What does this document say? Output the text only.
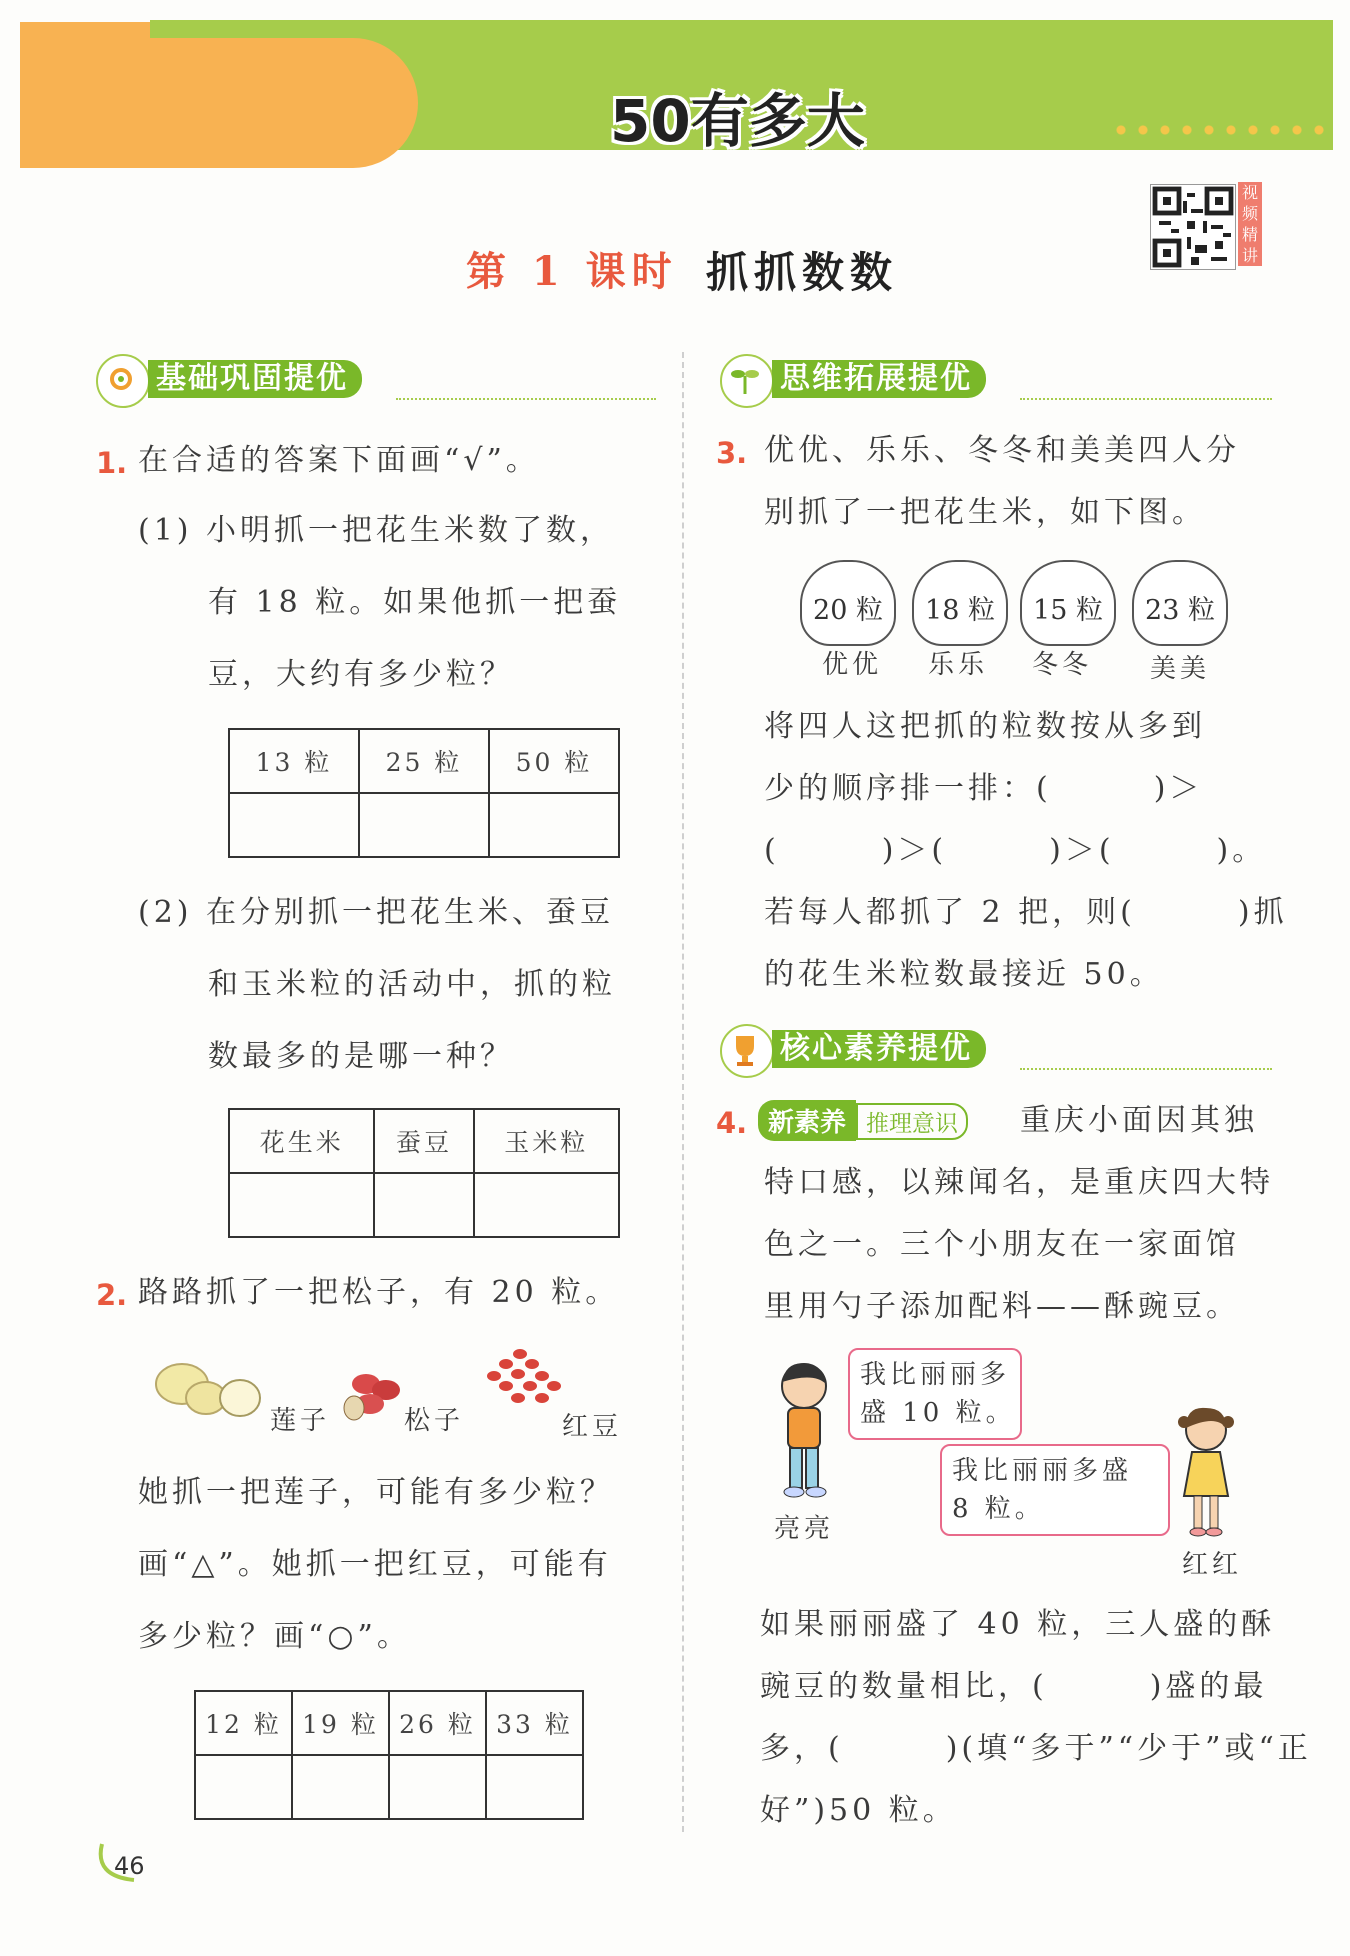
50有多大
视频精讲
第 1 课时 抓抓数数
基础巩固提优
1. 在合适的答案下面画“√”。
(1) 小明抓一把花生米数了数，
有 18 粒。如果他抓一把蚕
豆，大约有多少粒？
13 粒	25 粒	50 粒

(2) 在分别抓一把花生米、蚕豆
和玉米粒的活动中，抓的粒
数最多的是哪一种？
花生米	蚕豆	玉米粒

2. 路路抓了一把松子，有 20 粒。
莲子	松子	红豆
她抓一把莲子，可能有多少粒？
画“△”。她抓一把红豆，可能有
多少粒？画“○”。
12 粒	19 粒	26 粒	33 粒

46
思维拓展提优
3. 优优、乐乐、冬冬和美美四人分
别抓了一把花生米，如下图。
20 粒	18 粒	15 粒	23 粒
优优 乐乐 冬冬 美美
将四人这把抓的粒数按从多到
少的顺序排一排：(　　　)＞
(　　　)＞(　　　)＞(　　　)。
若每人都抓了 2 把，则(　　　)抓
的花生米粒数最接近 50。
核心素养提优
4. 新素养 推理意识	重庆小面因其独
特口感，以辣闻名，是重庆四大特
色之一。三个小朋友在一家面馆
里用勺子添加配料——酥豌豆。
我比丽丽多
盛 10 粒。
亮亮
我比丽丽多盛
8 粒。
红红
如果丽丽盛了 40 粒，三人盛的酥
豌豆的数量相比，(　　　)盛的最
多，(　　　)(填“多于”“少于”或“正
好”)50 粒。
